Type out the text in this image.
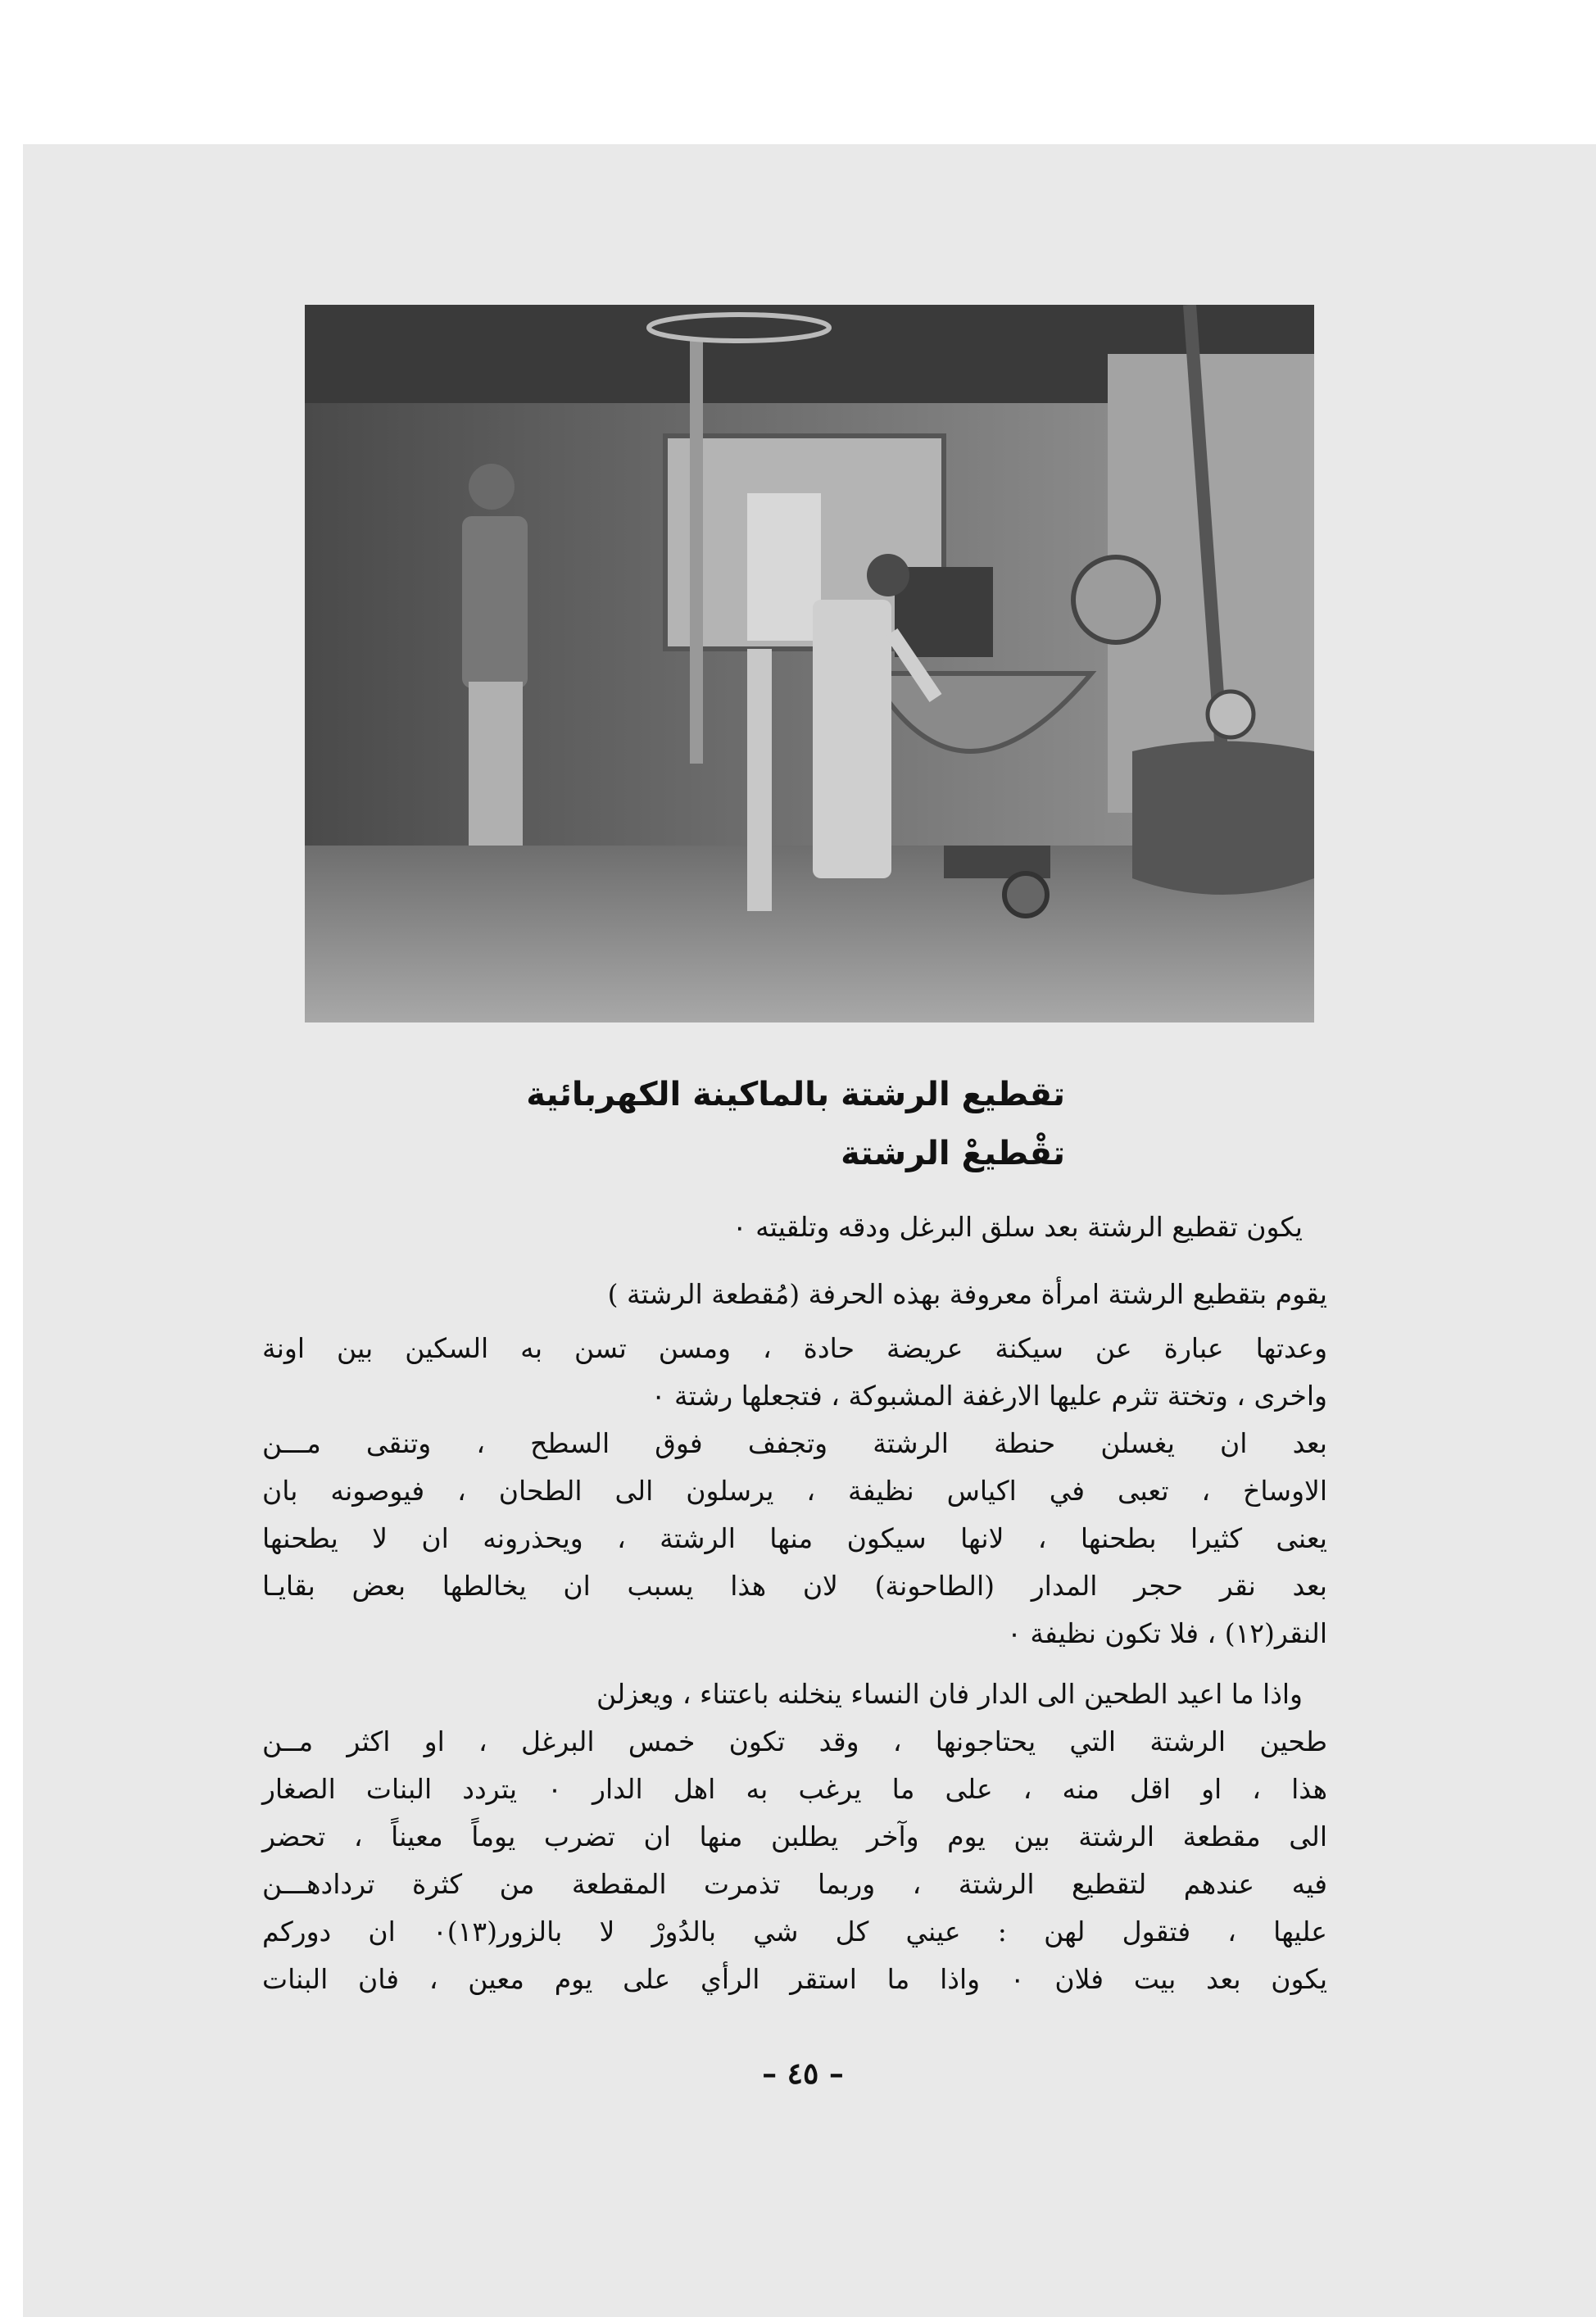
تقطيع الرشتة بالماكينة الكهربائية
تقْطيعْ الرشتة
يكون تقطيع الرشتة بعد سلق البرغل ودقه وتلقيته ٠
يقوم بتقطيع الرشتة امرأة معروفة بهذه الحرفة (مُقطعة الرشتة )
وعدتها عبارة عن سيكنة عريضة حادة ، ومسن تسن به السكين بين اونة
واخرى ، وتختة تثرم عليها الارغفة المشبوكة ، فتجعلها رشتة ٠
بعد ان يغسلن حنطة الرشتة وتجفف فوق السطح ، وتنقى مـــن
الاوساخ ، تعبى في اكياس نظيفة ، يرسلون الى الطحان ، فيوصونه بان
يعنى كثيرا بطحنها ، لانها سيكون منها الرشتة ، ويحذرونه ان لا يطحنها
بعد نقر حجر المدار (الطاحونة) لان هذا يسبب ان يخالطها بعض بقايـا
النقر(١٢) ، فلا تكون نظيفة ٠
واذا ما اعيد الطحين الى الدار فان النساء ينخلنه باعتناء ، ويعزلن
طحين الرشتة التي يحتاجونها ، وقد تكون خمس البرغل ، او اكثر مــن
هذا ، او اقل منه ، على ما يرغب به اهل الدار ٠ يتردد البنات الصغار
الى مقطعة الرشتة بين يوم وآخر يطلبن منها ان تضرب يوماً معيناً ، تحضر
فيه عندهم لتقطيع الرشتة ، وربما تذمرت المقطعة من كثرة ترداده‍ـــن
عليها ، فتقول لهن : عيني كل شي بالدُورْ لا بالزور(١٣)٠ ان دوركم
يكون بعد بيت فلان ٠ واذا ما استقر الرأي على يوم معين ، فان البنات
– ٤٥ –
